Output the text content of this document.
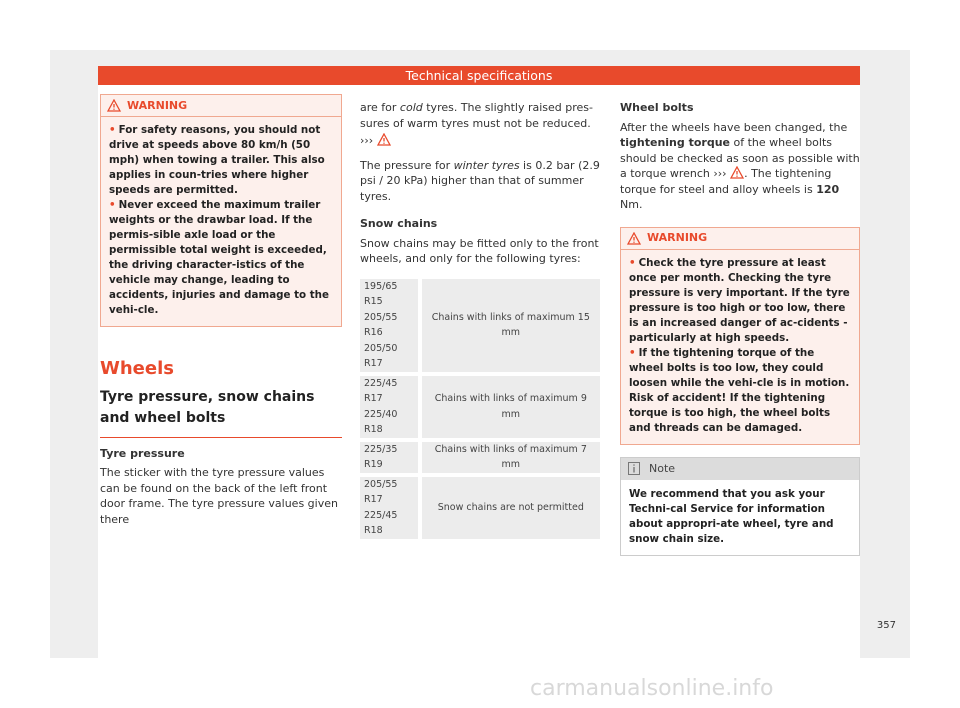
Technical specifications
WARNING

• For safety reasons, you should not drive at speeds above 80 km/h (50 mph) when towing a trailer. This also applies in coun-tries where higher speeds are permitted.

• Never exceed the maximum trailer weights or the drawbar load. If the permis-sible axle load or the permissible total weight is exceeded, the driving character-istics of the vehicle may change, leading to accidents, injuries and damage to the vehi-cle.

Wheels
Tyre pressure, snow chains and wheel bolts
Tyre pressure
The sticker with the tyre pressure values can be found on the back of the left front door frame. The tyre pressure values given there
are for cold tyres. The slightly raised pres-sures of warm tyres must not be reduced.
›››
The pressure for winter tyres is 0.2 bar (2.9 psi / 20 kPa) higher than that of summer tyres.
Snow chains
Snow chains may be fitted only to the front wheels, and only for the following tyres:
195/65 R15	Chains with links of maximum 15 mm
205/55 R16	
205/50 R17	

225/45 R17	Chains with links of maximum 9 mm
225/40 R18	

225/35 R19	Chains with links of maximum 7 mm

205/55 R17	Snow chains are not permitted
225/45 R18	
Wheel bolts
After the wheels have been changed, the tightening torque of the wheel bolts should be checked as soon as possible with a torque wrench ››› . The tightening torque for steel and alloy wheels is 120 Nm.
WARNING

• Check the tyre pressure at least once per month. Checking the tyre pressure is very important. If the tyre pressure is too high or too low, there is an increased danger of ac-cidents - particularly at high speeds.

• If the tightening torque of the wheel bolts is too low, they could loosen while the vehi-cle is in motion. Risk of accident! If the tightening torque is too high, the wheel bolts and threads can be damaged.

Note
We recommend that you ask your Techni-cal Service for information about appropri-ate wheel, tyre and snow chain size.
357
carmanualsonline.info
